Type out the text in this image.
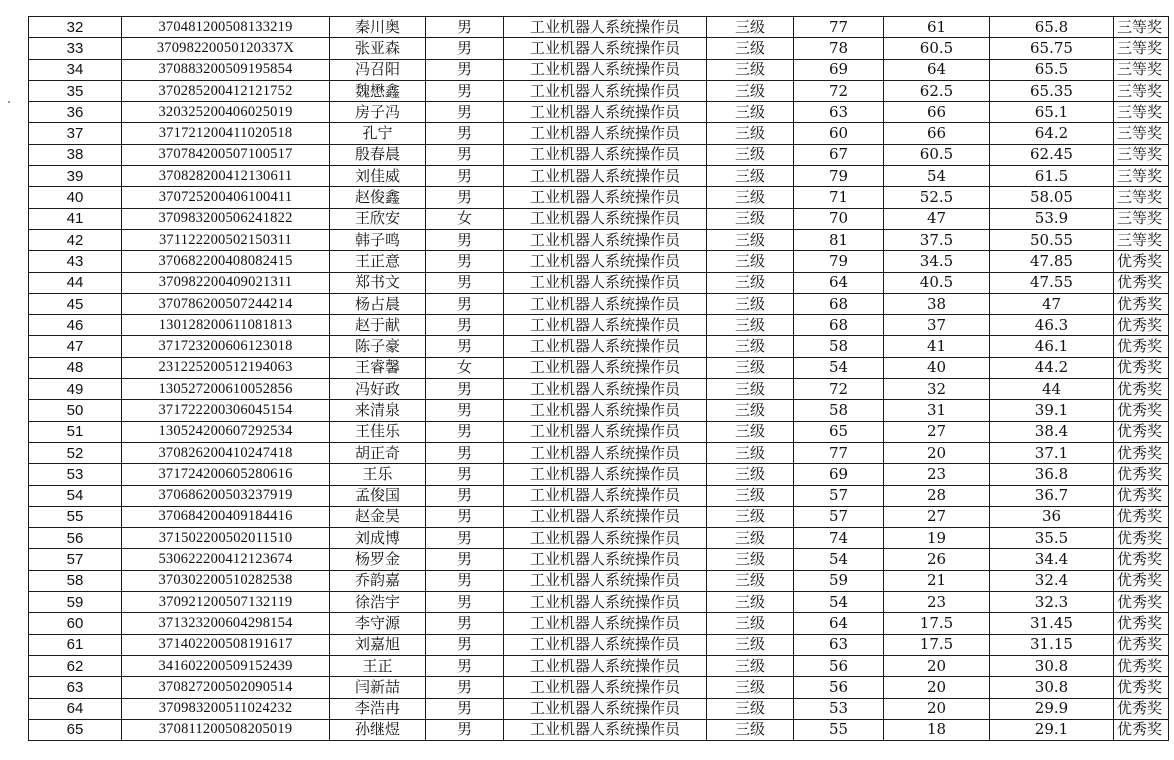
32	370481200508133219	秦川奥	男	工业机器人系统操作员	三级	77	61	65.8	三等奖
33	37098220050120337X	张亚森	男	工业机器人系统操作员	三级	78	60.5	65.75	三等奖
34	370883200509195854	冯召阳	男	工业机器人系统操作员	三级	69	64	65.5	三等奖
35	370285200412121752	魏懋鑫	男	工业机器人系统操作员	三级	72	62.5	65.35	三等奖
36	320325200406025019	房子冯	男	工业机器人系统操作员	三级	63	66	65.1	三等奖
37	371721200411020518	孔宁	男	工业机器人系统操作员	三级	60	66	64.2	三等奖
38	370784200507100517	殷春晨	男	工业机器人系统操作员	三级	67	60.5	62.45	三等奖
39	370828200412130611	刘佳威	男	工业机器人系统操作员	三级	79	54	61.5	三等奖
40	370725200406100411	赵俊鑫	男	工业机器人系统操作员	三级	71	52.5	58.05	三等奖
41	370983200506241822	王欣安	女	工业机器人系统操作员	三级	70	47	53.9	三等奖
42	371122200502150311	韩子鸣	男	工业机器人系统操作员	三级	81	37.5	50.55	三等奖
43	370682200408082415	王正意	男	工业机器人系统操作员	三级	79	34.5	47.85	优秀奖
44	370982200409021311	郑书文	男	工业机器人系统操作员	三级	64	40.5	47.55	优秀奖
45	370786200507244214	杨占晨	男	工业机器人系统操作员	三级	68	38	47	优秀奖
46	130128200611081813	赵于献	男	工业机器人系统操作员	三级	68	37	46.3	优秀奖
47	371723200606123018	陈子豪	男	工业机器人系统操作员	三级	58	41	46.1	优秀奖
48	231225200512194063	王睿馨	女	工业机器人系统操作员	三级	54	40	44.2	优秀奖
49	130527200610052856	冯好政	男	工业机器人系统操作员	三级	72	32	44	优秀奖
50	371722200306045154	来清泉	男	工业机器人系统操作员	三级	58	31	39.1	优秀奖
51	130524200607292534	王佳乐	男	工业机器人系统操作员	三级	65	27	38.4	优秀奖
52	370826200410247418	胡正奇	男	工业机器人系统操作员	三级	77	20	37.1	优秀奖
53	371724200605280616	王乐	男	工业机器人系统操作员	三级	69	23	36.8	优秀奖
54	370686200503237919	孟俊国	男	工业机器人系统操作员	三级	57	28	36.7	优秀奖
55	370684200409184416	赵金昊	男	工业机器人系统操作员	三级	57	27	36	优秀奖
56	371502200502011510	刘成博	男	工业机器人系统操作员	三级	74	19	35.5	优秀奖
57	530622200412123674	杨罗金	男	工业机器人系统操作员	三级	54	26	34.4	优秀奖
58	370302200510282538	乔韵嘉	男	工业机器人系统操作员	三级	59	21	32.4	优秀奖
59	370921200507132119	徐浩宇	男	工业机器人系统操作员	三级	54	23	32.3	优秀奖
60	371323200604298154	李守源	男	工业机器人系统操作员	三级	64	17.5	31.45	优秀奖
61	371402200508191617	刘嘉旭	男	工业机器人系统操作员	三级	63	17.5	31.15	优秀奖
62	341602200509152439	王正	男	工业机器人系统操作员	三级	56	20	30.8	优秀奖
63	370827200502090514	闫新喆	男	工业机器人系统操作员	三级	56	20	30.8	优秀奖
64	370983200511024232	李浩冉	男	工业机器人系统操作员	三级	53	20	29.9	优秀奖
65	370811200508205019	孙继煜	男	工业机器人系统操作员	三级	55	18	29.1	优秀奖
